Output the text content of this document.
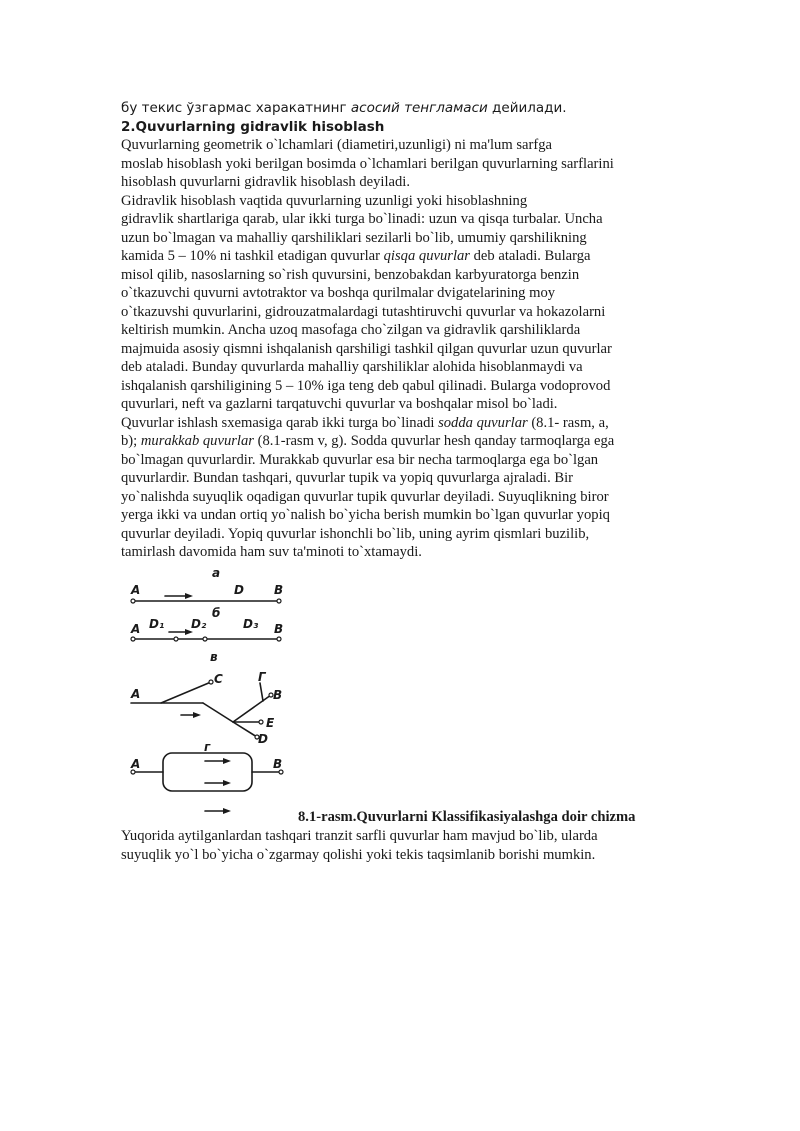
бу текис ўзгармас харакатнинг асосий тенгламаси дейилади.
2.Quvurlarning gidravlik hisoblash
Quvurlarning geometrik o`lchamlari (diametiri,uzunligi) ni ma'lum sarfga
moslab hisoblash yoki berilgan bosimda o`lchamlari berilgan quvurlarning sarflarini
hisoblash quvurlarni gidravlik hisoblash deyiladi.
Gidravlik hisoblash vaqtida quvurlarning uzunligi yoki hisoblashning
gidravlik shartlariga qarab, ular ikki turga bo`linadi: uzun va qisqa turbalar. Uncha
uzun bo`lmagan va mahalliy qarshiliklari sezilarli bo`lib, umumiy qarshilikning
kamida 5 – 10% ni tashkil etadigan quvurlar qisqa quvurlar deb ataladi. Bularga
misol qilib, nasoslarning so`rish quvursini, benzobakdan karbyuratorga benzin
o`tkazuvchi quvurni avtotraktor va boshqa qurilmalar dvigatelarining moy
o`tkazuvshi quvurlarini, gidrouzatmalardagi tutashtiruvchi quvurlar va hokazolarni
keltirish mumkin. Ancha uzoq masofaga cho`zilgan va gidravlik qarshiliklarda
majmuida asosiy qismni ishqalanish qarshiligi tashkil qilgan quvurlar uzun quvurlar
deb ataladi. Bunday quvurlarda mahalliy qarshiliklar alohida hisoblanmaydi va
ishqalanish qarshiligining 5 – 10% iga teng deb qabul qilinadi. Bularga vodoprovod
quvurlari, neft va gazlarni tarqatuvchi quvurlar va boshqalar misol bo`ladi.
Quvurlar ishlash sxemasiga qarab ikki turga bo`linadi sodda quvurlar (8.1- rasm, a,
b); murakkab quvurlar (8.1-rasm v, g). Sodda quvurlar hesh qanday tarmoqlarga ega
bo`lmagan quvurlardir. Murakkab quvurlar esa bir necha tarmoqlarga ega bo`lgan
quvurlardir. Bundan tashqari, quvurlar tupik va yopiq quvurlarga ajraladi. Bir
yo`nalishda suyuqlik oqadigan quvurlar tupik quvurlar deyiladi. Suyuqlikning biror
yerga ikki va undan ortiq yo`nalish bo`yicha berish mumkin bo`lgan quvurlar yopiq
quvurlar deyiladi. Yopiq quvurlar ishonchli bo`lib, uning ayrim qismlari buzilib,
tamirlash davomida ham suv ta'minoti to`xtamaydi.
a
A	D	B
б
A D₁ D₂	D₃ B
в
A
C	Г
B
E
D
г
A	B
8.1-rasm.Quvurlarni Klassifikasiyalashga doir chizma
Yuqorida aytilganlardan tashqari tranzit sarfli quvurlar ham mavjud bo`lib, ularda
suyuqlik yo`l bo`yicha o`zgarmay qolishi yoki tekis taqsimlanib borishi mumkin.
